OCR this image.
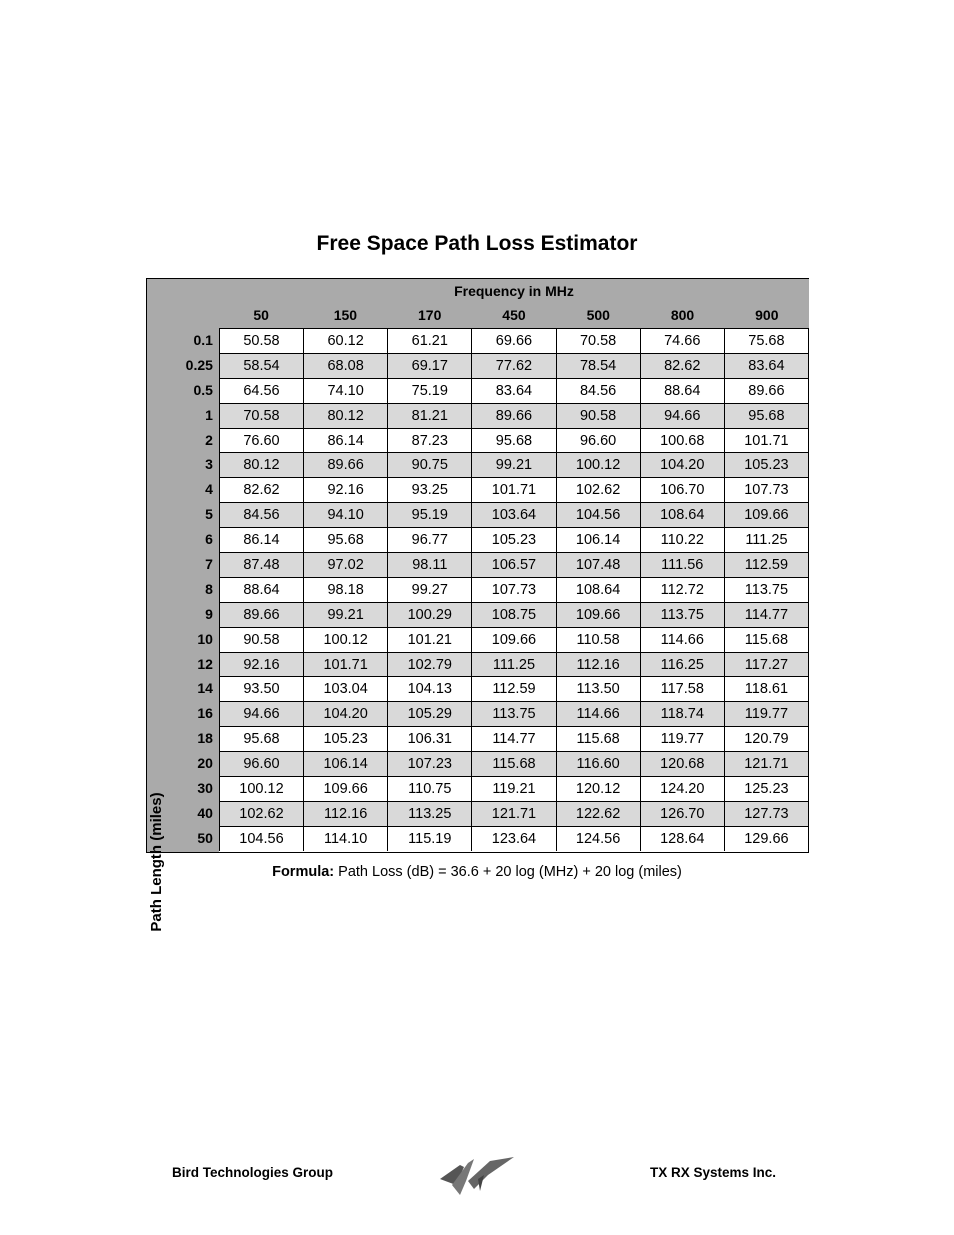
Free Space Path Loss Estimator
Path Length (miles)
Frequency in MHz
50	150	170	450	500	800	900
0.1	50.58	60.12	61.21	69.66	70.58	74.66	75.68
0.25	58.54	68.08	69.17	77.62	78.54	82.62	83.64
0.5	64.56	74.10	75.19	83.64	84.56	88.64	89.66
1	70.58	80.12	81.21	89.66	90.58	94.66	95.68
2	76.60	86.14	87.23	95.68	96.60	100.68	101.71
3	80.12	89.66	90.75	99.21	100.12	104.20	105.23
4	82.62	92.16	93.25	101.71	102.62	106.70	107.73
5	84.56	94.10	95.19	103.64	104.56	108.64	109.66
6	86.14	95.68	96.77	105.23	106.14	110.22	111.25
7	87.48	97.02	98.11	106.57	107.48	111.56	112.59
8	88.64	98.18	99.27	107.73	108.64	112.72	113.75
9	89.66	99.21	100.29	108.75	109.66	113.75	114.77
10	90.58	100.12	101.21	109.66	110.58	114.66	115.68
12	92.16	101.71	102.79	111.25	112.16	116.25	117.27
14	93.50	103.04	104.13	112.59	113.50	117.58	118.61
16	94.66	104.20	105.29	113.75	114.66	118.74	119.77
18	95.68	105.23	106.31	114.77	115.68	119.77	120.79
20	96.60	106.14	107.23	115.68	116.60	120.68	121.71
30	100.12	109.66	110.75	119.21	120.12	124.20	125.23
40	102.62	112.16	113.25	121.71	122.62	126.70	127.73
50	104.56	114.10	115.19	123.64	124.56	128.64	129.66
Formula: Path Loss (dB) = 36.6 + 20 log (MHz) + 20 log (miles)
Bird Technologies Group	TX RX Systems Inc.
